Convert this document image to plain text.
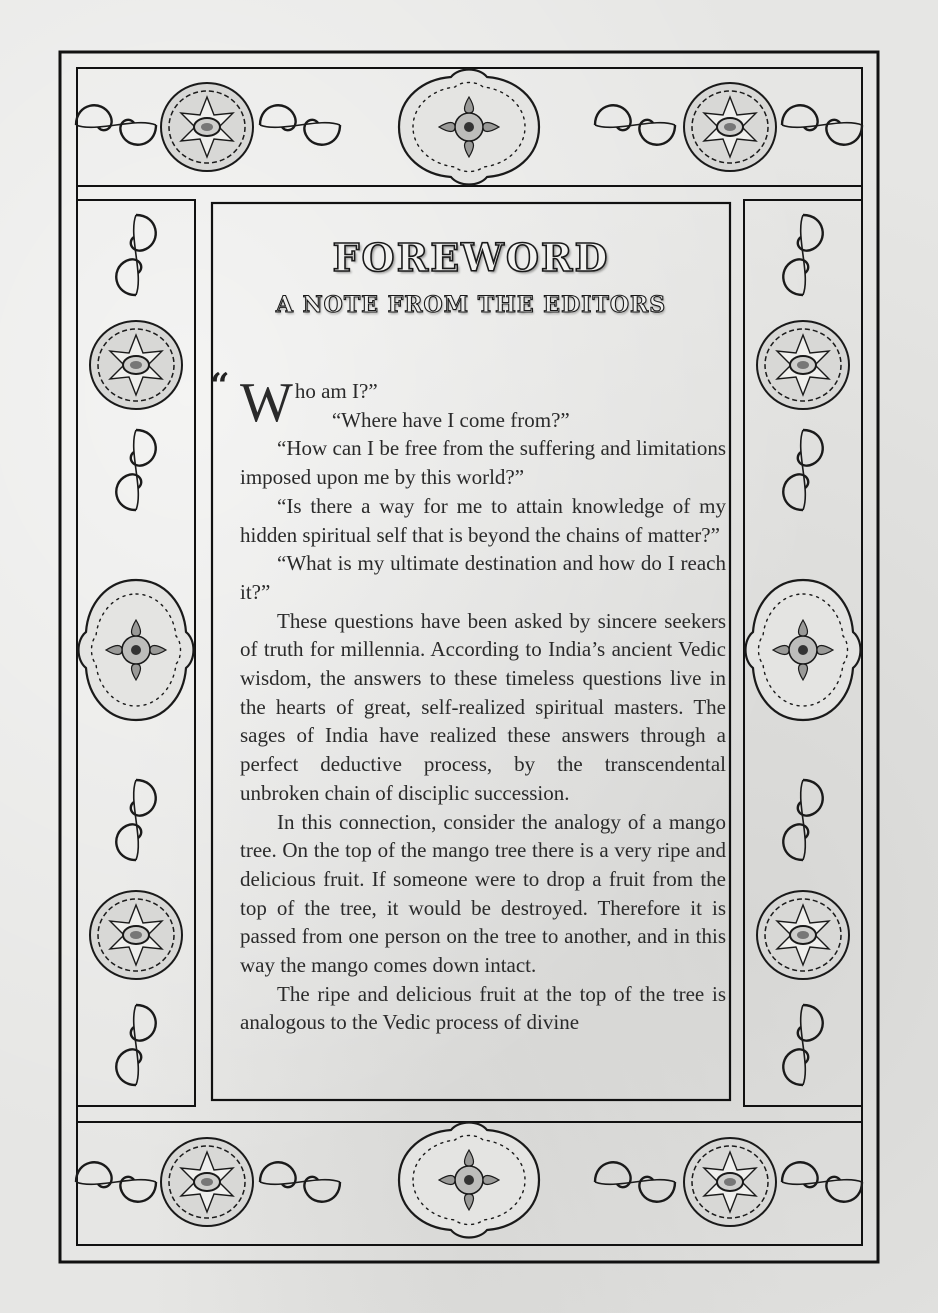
FOREWORD
A NOTE FROM THE EDITORS

“ W ho am I?”

“Where have I come from?”

“How can I be free from the suffering and limitations imposed upon me by this world?”

“Is there a way for me to attain knowledge of my hidden spiritual self that is beyond the chains of matter?”

“What is my ultimate destination and how do I reach it?”

These questions have been asked by sincere seekers of truth for millennia. According to India’s ancient Vedic wisdom, the answers to these timeless questions live in the hearts of great, self-realized spiritual masters. The sages of India have realized these answers through a perfect deductive process, by the transcendental unbroken chain of disciplic succession.

In this connection, consider the analogy of a mango tree. On the top of the mango tree there is a very ripe and delicious fruit. If someone were to drop a fruit from the top of the tree, it would be destroyed. Therefore it is passed from one person on the tree to another, and in this way the mango comes down intact.

The ripe and delicious fruit at the top of the tree is analogous to the Vedic process of divine
